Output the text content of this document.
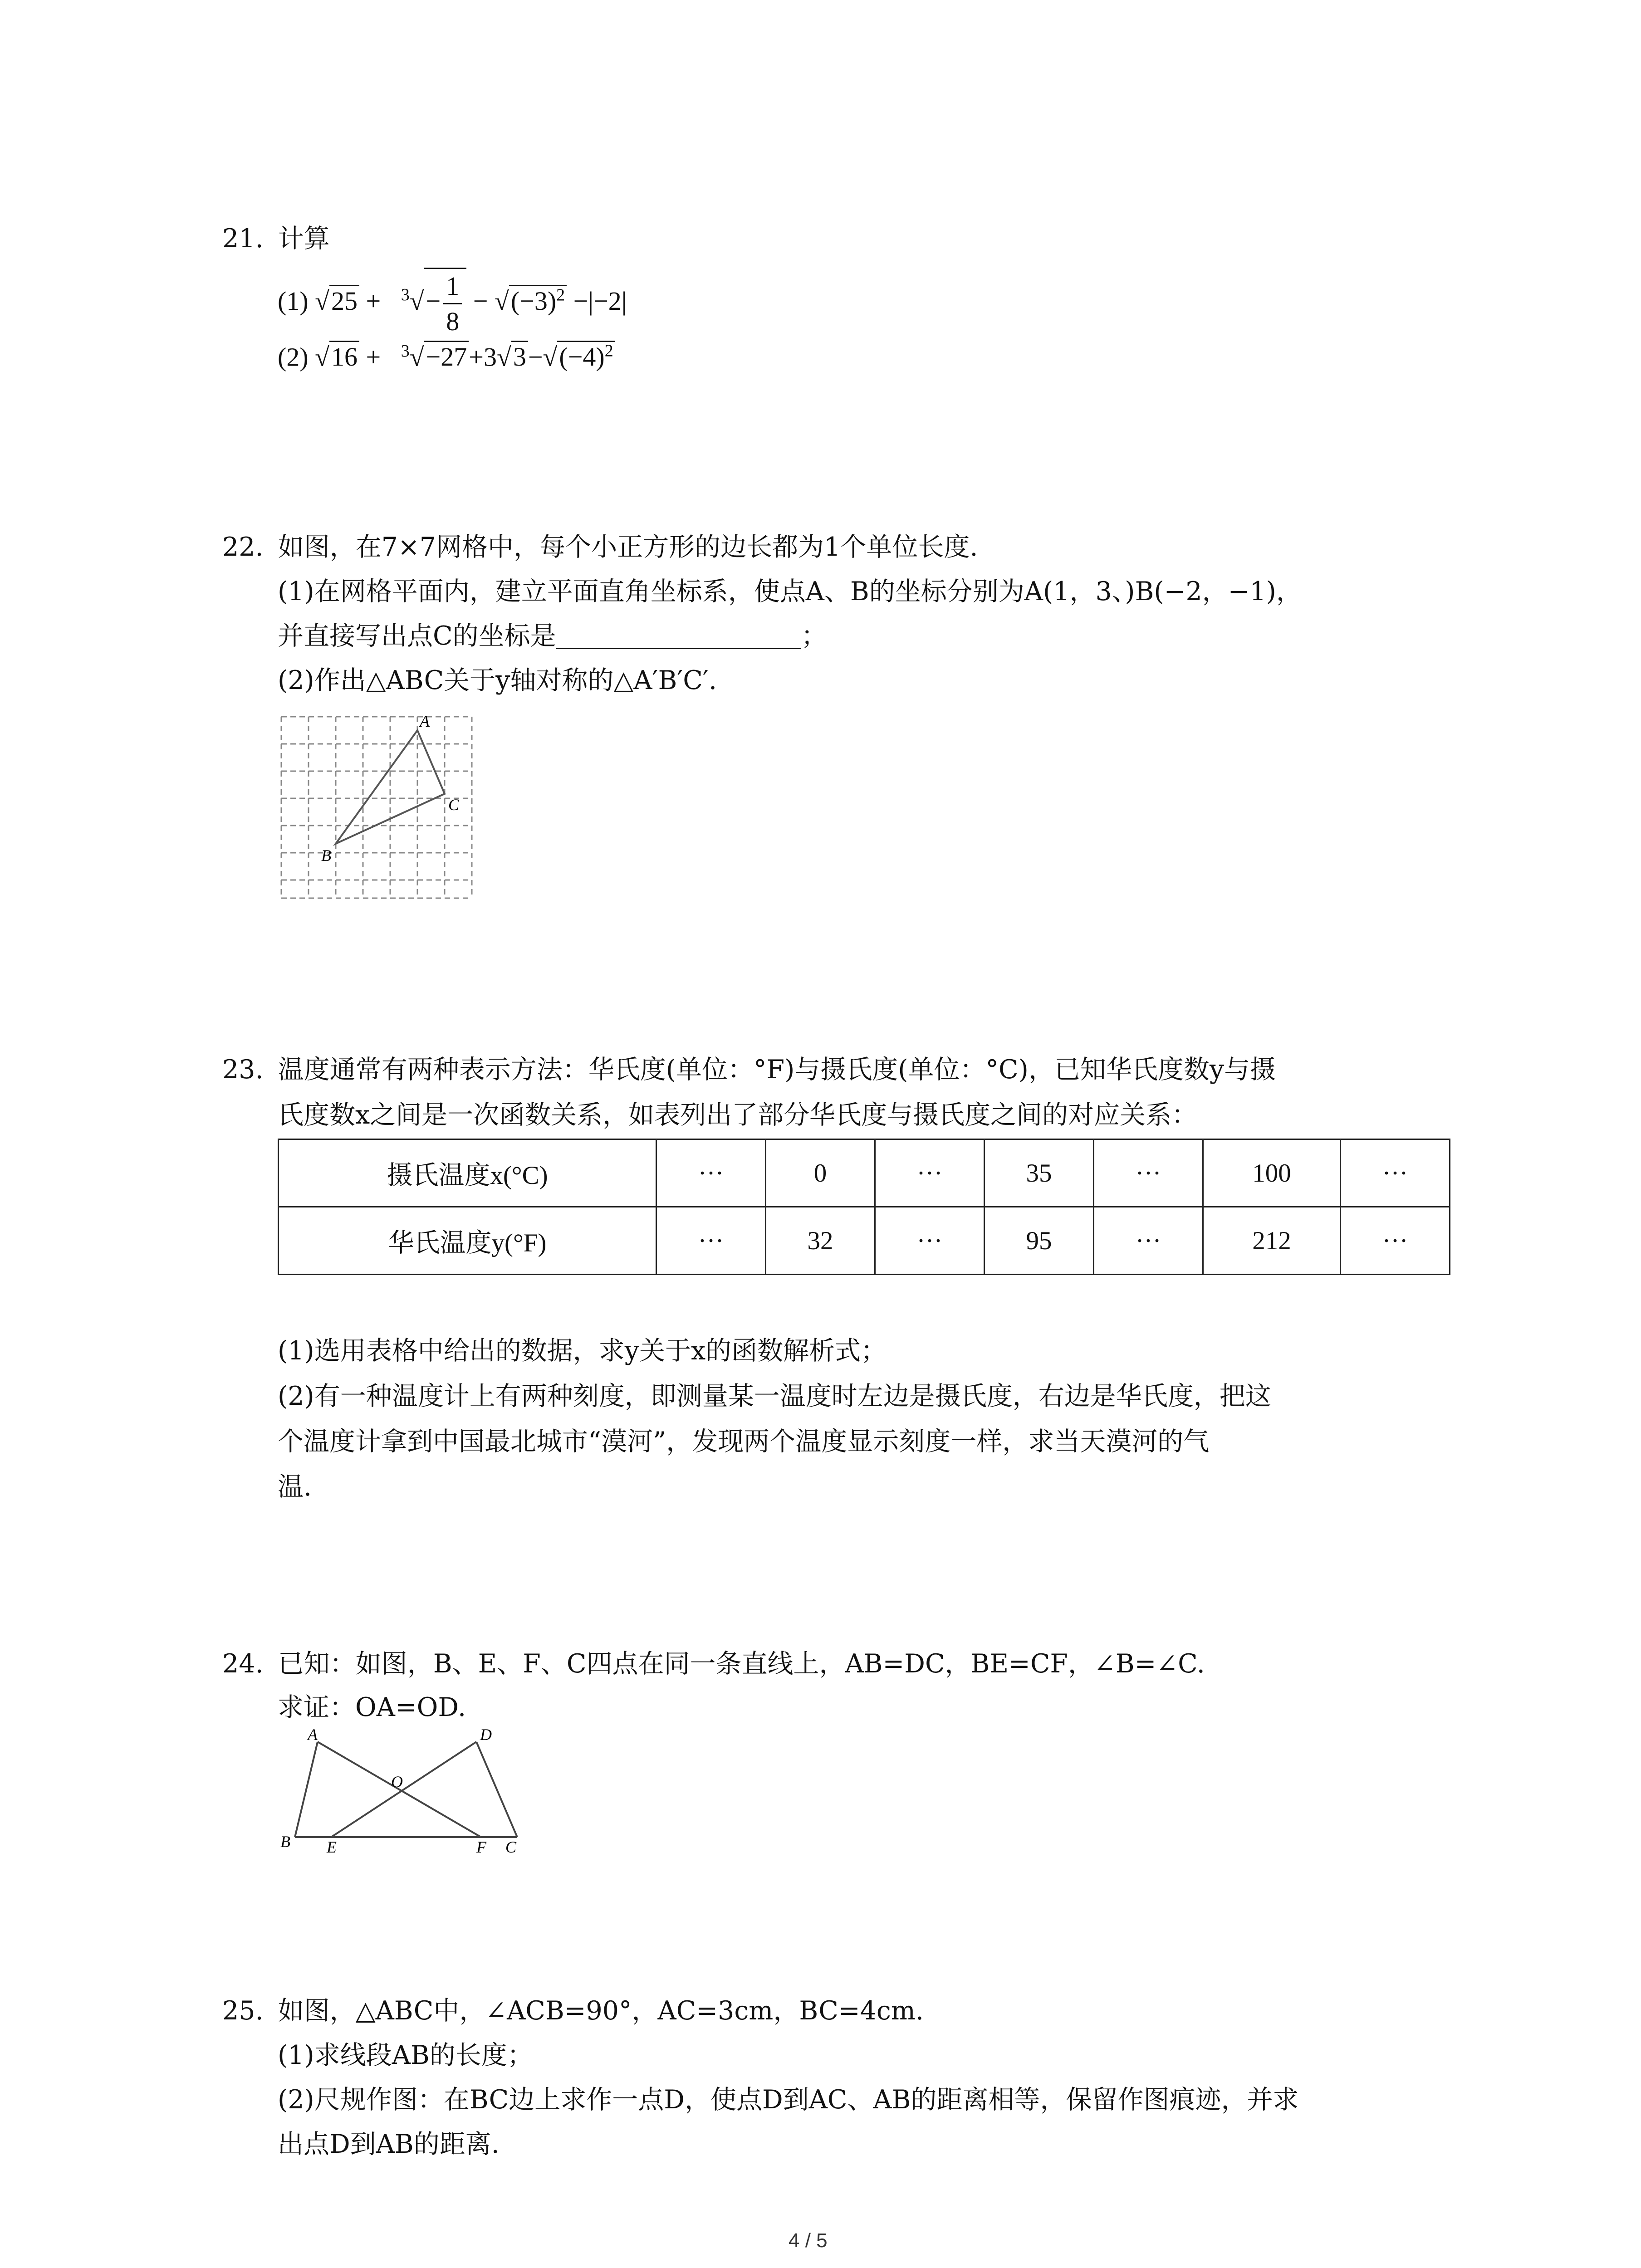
21. 计算
(1) $√25 + ^3√- \frac{1}{8} - √(-3)^2 -|-2|$
(2) $√16 + ^3√-27+3√3-√(-4)^2$
22. 如图，在7×7网格中，每个小正方形的边长都为1个单位长度.
(1)在网格平面内，建立平面直角坐标系，使点A、B的坐标分别为A(1，3、)B(−2，−1)，
并直接写出点C的坐标是	；
(2)作出△ABC关于y轴对称的△A′B′C′.
A
C
B
23. 温度通常有两种表示方法：华氏度(单位：°F)与摄氏度(单位：°C)，已知华氏度数y与摄
氏度数x之间是一次函数关系，如表列出了部分华氏度与摄氏度之间的对应关系：
摄氏温度x(°C)	···	0	···	35	···	100	···
华氏温度y(°F)	···	32	···	95	···	212	···
(1)选用表格中给出的数据，求y关于x的函数解析式；
(2)有一种温度计上有两种刻度，即测量某一温度时左边是摄氏度，右边是华氏度，把这
个温度计拿到中国最北城市“漠河”，发现两个温度显示刻度一样，求当天漠河的气
温.
24. 已知：如图，B、E、F、C四点在同一条直线上，AB=DC，BE=CF，∠B=∠C.
求证：OA=OD.
A	D
O
B E	F C
25. 如图，△ABC中，∠ACB=90°，AC=3cm，BC=4cm.
(1)求线段AB的长度；
(2)尺规作图：在BC边上求作一点D，使点D到AC、AB的距离相等，保留作图痕迹，并求
出点D到AB的距离.
4 / 5
